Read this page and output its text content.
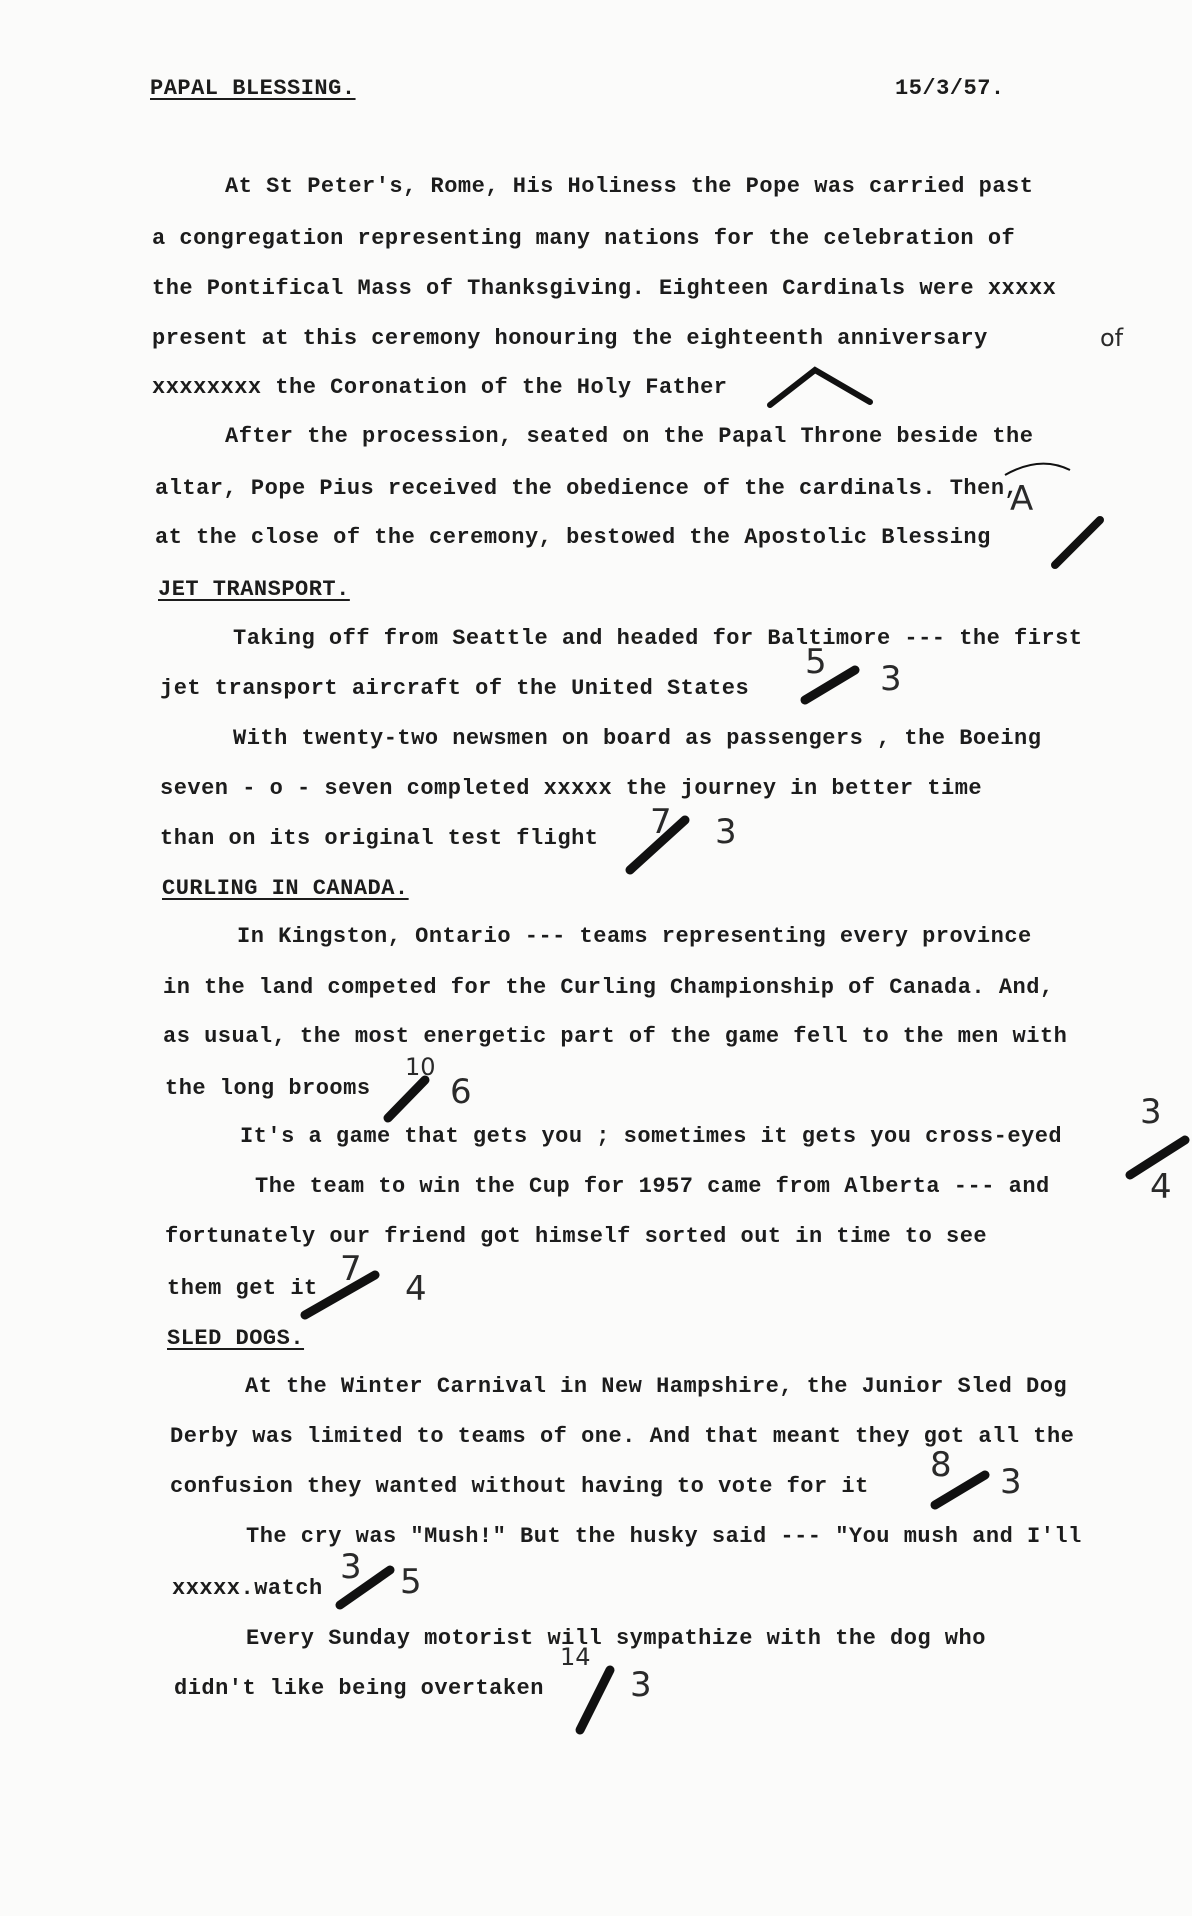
PAPAL BLESSING.	15/3/57.
At St Peter's, Rome, His Holiness the Pope was carried past
a congregation representing many nations for the celebration of
the Pontifical Mass of Thanksgiving. Eighteen Cardinals were xxxxx
present at this ceremony honouring the eighteenth anniversary
xxxxxxxx the Coronation of the Holy Father
After the procession, seated on the Papal Throne beside the
altar, Pope Pius received the obedience of the cardinals. Then,
at the close of the ceremony, bestowed the Apostolic Blessing
JET TRANSPORT.
Taking off from Seattle and headed for Baltimore --- the first
jet transport aircraft of the United States
With twenty-two newsmen on board as passengers , the Boeing
seven - o - seven completed xxxxx the journey in better time
than on its original test flight
CURLING IN CANADA.
In Kingston, Ontario --- teams representing every province
in the land competed for the Curling Championship of Canada. And,
as usual, the most energetic part of the game fell to the men with
the long brooms
It's a game that gets you ; sometimes it gets you cross-eyed
The team to win the Cup for 1957 came from Alberta --- and
fortunately our friend got himself sorted out in time to see
them get it
SLED DOGS.
At the Winter Carnival in New Hampshire, the Junior Sled Dog
Derby was limited to teams of one. And that meant they got all the
confusion they wanted without having to vote for it
The cry was "Mush!" But the husky said --- "You mush and I'll
xxxxx.watch
Every Sunday motorist will sympathize with the dog who
didn't like being overtaken
of
A
5 3
7 3
10
6	3
4
7 4
8 3
3 5
14
3
